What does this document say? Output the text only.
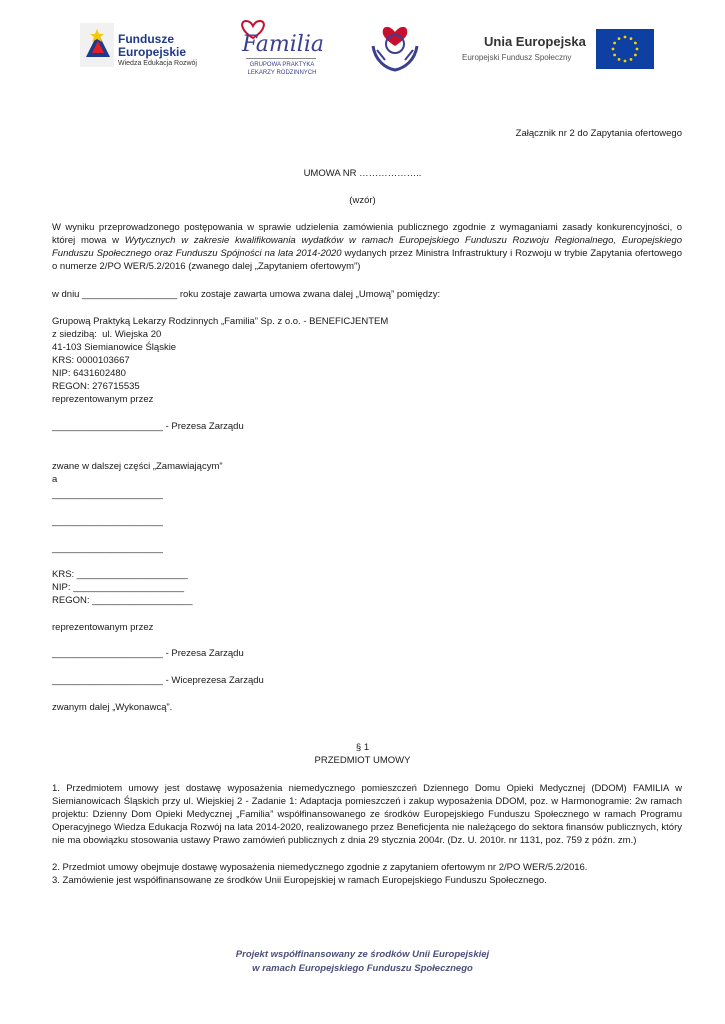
Fundusze
Europejskie
Wiedza Edukacja Rozwój
Familia
GRUPOWA PRAKTYKA
LEKARZY RODZINNYCH
Unia Europejska
Europejski Fundusz Społeczny
Załącznik nr 2 do Zapytania ofertowego
UMOWA NR ………………..
(wzór)
W wyniku przeprowadzonego postępowania w sprawie udzielenia zamówienia publicznego zgodnie z wymaganiami zasady konkurencyjności, o której mowa w Wytycznych w zakresie kwalifikowania wydatków w ramach Europejskiego Funduszu Rozwoju Regionalnego, Europejskiego Funduszu Społecznego oraz Funduszu Spójności na lata 2014-2020 wydanych przez Ministra Infrastruktury i Rozwoju w trybie Zapytania ofertowego o numerze 2/PO WER/5.2/2016 (zwanego dalej „Zapytaniem ofertowym”)
w dniu __________________ roku zostaje zawarta umowa zwana dalej „Umową” pomiędzy:
Grupową Praktyką Lekarzy Rodzinnych „Familia” Sp. z o.o. - BENEFICJENTEM
z siedzibą:  ul. Wiejska 20
41-103 Siemianowice Śląskie
KRS: 0000103667
NIP: 6431602480
REGON: 276715535
reprezentowanym przez
_____________________ - Prezesa Zarządu
zwane w dalszej części „Zamawiającym”
a
_____________________
_____________________
_____________________
KRS: _____________________
NIP: _____________________
REGON: ___________________
reprezentowanym przez
_____________________ - Prezesa Zarządu
_____________________ - Wiceprezesa Zarządu
zwanym dalej „Wykonawcą”.
§ 1
PRZEDMIOT UMOWY
1. Przedmiotem umowy jest dostawę wyposażenia niemedycznego pomieszczeń Dziennego Domu Opieki Medycznej (DDOM) FAMILIA w Siemianowicach Śląskich przy ul. Wiejskiej 2 - Zadanie 1: Adaptacja pomieszczeń i zakup wyposażenia DDOM, poz. w Harmonogramie: 2w ramach projektu: Dzienny Dom Opieki Medycznej „Familia” współfinansowanego ze środków Europejskiego Funduszu Społecznego w ramach Programu Operacyjnego Wiedza Edukacja Rozwój na lata 2014-2020, realizowanego przez Beneficjenta nie należącego do sektora finansów publicznych, który nie ma obowiązku stosowania ustawy Prawo zamówień publicznych z dnia 29 stycznia 2004r. (Dz. U. 2010r. nr 1131, poz. 759 z późn. zm.)
2. Przedmiot umowy obejmuje dostawę wyposażenia niemedycznego zgodnie z zapytaniem ofertowym nr 2/PO WER/5.2/2016.
3. Zamówienie jest współfinansowane ze środków Unii Europejskiej w ramach Europejskiego Funduszu Społecznego.
Projekt współfinansowany ze środków Unii Europejskiej
w ramach Europejskiego Funduszu Społecznego
